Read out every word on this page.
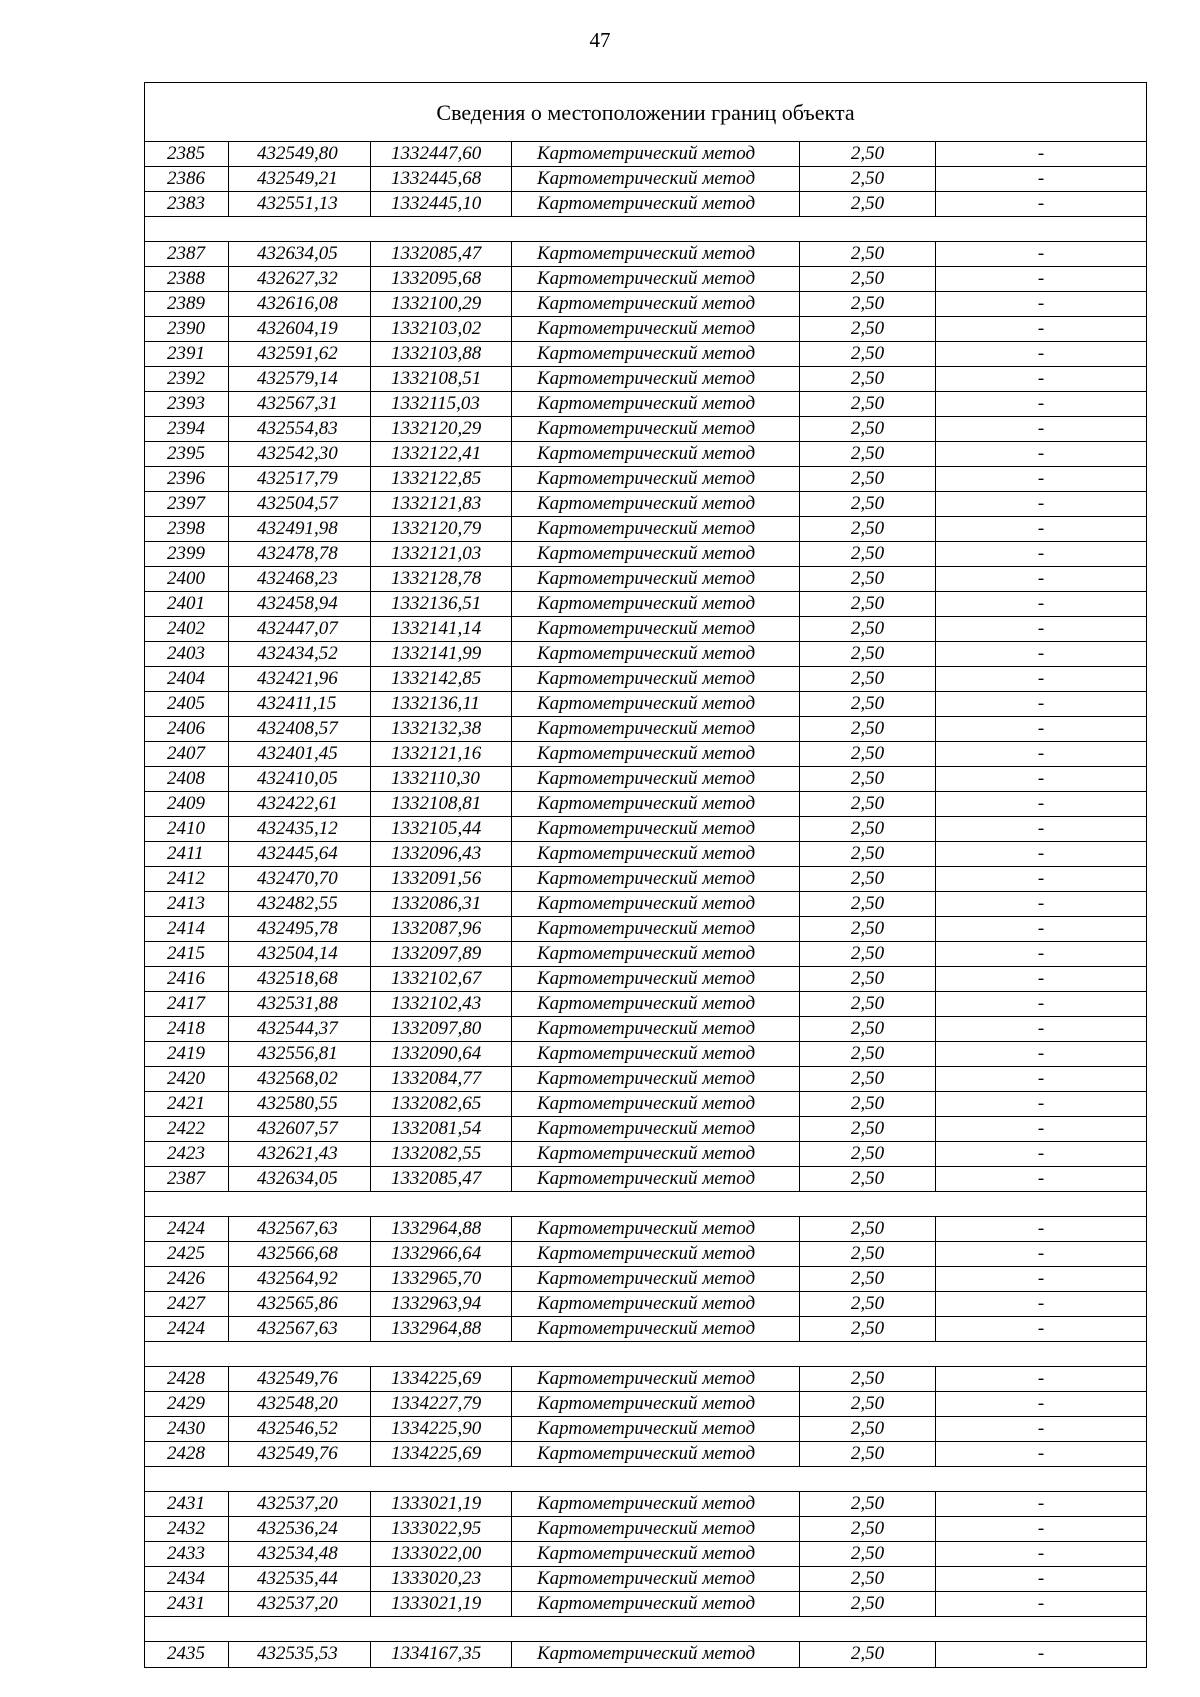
47
Сведения о местоположении границ объекта
2385	432549,80	1332447,60	Картометрический метод	2,50	-
2386	432549,21	1332445,68	Картометрический метод	2,50	-
2383	432551,13	1332445,10	Картометрический метод	2,50	-
2387	432634,05	1332085,47	Картометрический метод	2,50	-
2388	432627,32	1332095,68	Картометрический метод	2,50	-
2389	432616,08	1332100,29	Картометрический метод	2,50	-
2390	432604,19	1332103,02	Картометрический метод	2,50	-
2391	432591,62	1332103,88	Картометрический метод	2,50	-
2392	432579,14	1332108,51	Картометрический метод	2,50	-
2393	432567,31	1332115,03	Картометрический метод	2,50	-
2394	432554,83	1332120,29	Картометрический метод	2,50	-
2395	432542,30	1332122,41	Картометрический метод	2,50	-
2396	432517,79	1332122,85	Картометрический метод	2,50	-
2397	432504,57	1332121,83	Картометрический метод	2,50	-
2398	432491,98	1332120,79	Картометрический метод	2,50	-
2399	432478,78	1332121,03	Картометрический метод	2,50	-
2400	432468,23	1332128,78	Картометрический метод	2,50	-
2401	432458,94	1332136,51	Картометрический метод	2,50	-
2402	432447,07	1332141,14	Картометрический метод	2,50	-
2403	432434,52	1332141,99	Картометрический метод	2,50	-
2404	432421,96	1332142,85	Картометрический метод	2,50	-
2405	432411,15	1332136,11	Картометрический метод	2,50	-
2406	432408,57	1332132,38	Картометрический метод	2,50	-
2407	432401,45	1332121,16	Картометрический метод	2,50	-
2408	432410,05	1332110,30	Картометрический метод	2,50	-
2409	432422,61	1332108,81	Картометрический метод	2,50	-
2410	432435,12	1332105,44	Картометрический метод	2,50	-
2411	432445,64	1332096,43	Картометрический метод	2,50	-
2412	432470,70	1332091,56	Картометрический метод	2,50	-
2413	432482,55	1332086,31	Картометрический метод	2,50	-
2414	432495,78	1332087,96	Картометрический метод	2,50	-
2415	432504,14	1332097,89	Картометрический метод	2,50	-
2416	432518,68	1332102,67	Картометрический метод	2,50	-
2417	432531,88	1332102,43	Картометрический метод	2,50	-
2418	432544,37	1332097,80	Картометрический метод	2,50	-
2419	432556,81	1332090,64	Картометрический метод	2,50	-
2420	432568,02	1332084,77	Картометрический метод	2,50	-
2421	432580,55	1332082,65	Картометрический метод	2,50	-
2422	432607,57	1332081,54	Картометрический метод	2,50	-
2423	432621,43	1332082,55	Картометрический метод	2,50	-
2387	432634,05	1332085,47	Картометрический метод	2,50	-
2424	432567,63	1332964,88	Картометрический метод	2,50	-
2425	432566,68	1332966,64	Картометрический метод	2,50	-
2426	432564,92	1332965,70	Картометрический метод	2,50	-
2427	432565,86	1332963,94	Картометрический метод	2,50	-
2424	432567,63	1332964,88	Картометрический метод	2,50	-
2428	432549,76	1334225,69	Картометрический метод	2,50	-
2429	432548,20	1334227,79	Картометрический метод	2,50	-
2430	432546,52	1334225,90	Картометрический метод	2,50	-
2428	432549,76	1334225,69	Картометрический метод	2,50	-
2431	432537,20	1333021,19	Картометрический метод	2,50	-
2432	432536,24	1333022,95	Картометрический метод	2,50	-
2433	432534,48	1333022,00	Картометрический метод	2,50	-
2434	432535,44	1333020,23	Картометрический метод	2,50	-
2431	432537,20	1333021,19	Картометрический метод	2,50	-
2435	432535,53	1334167,35	Картометрический метод	2,50	-
